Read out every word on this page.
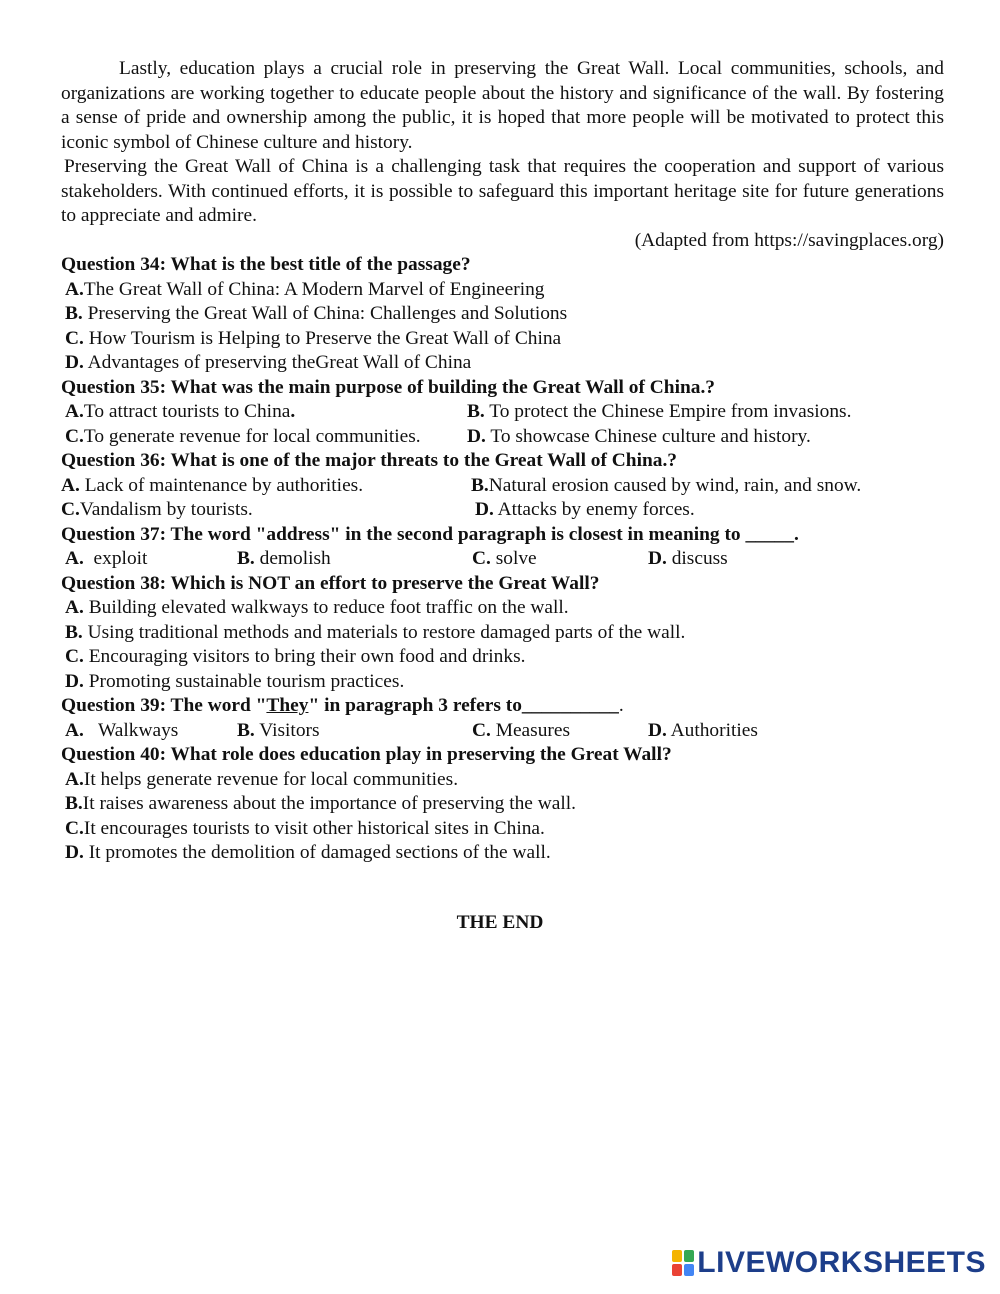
Lastly, education plays a crucial role in preserving the Great Wall. Local communities, schools, and organizations are working together to educate people about the history and significance of the wall. By fostering a sense of pride and ownership among the public, it is hoped that more people will be motivated to protect this iconic symbol of Chinese culture and history.

Preserving the Great Wall of China is a challenging task that requires the cooperation and support of various stakeholders. With continued efforts, it is possible to safeguard this important heritage site for future generations to appreciate and admire.

(Adapted from https://savingplaces.org)

Question 34: What is the best title of the passage?

A.The Great Wall of China: A Modern Marvel of Engineering

B. Preserving the Great Wall of China: Challenges and Solutions

C. How Tourism is Helping to Preserve the Great Wall of China

D. Advantages of preserving theGreat Wall of China

Question 35: What was the main purpose of building the Great Wall of China.?

A.To attract tourists to China.	B. To protect the Chinese Empire from invasions.
C.To generate revenue for local communities. D. To showcase Chinese culture and history.

Question 36: What is one of the major threats to the Great Wall of China.?

A. Lack of maintenance by authorities.	B.Natural erosion caused by wind, rain, and snow.
C.Vandalism by tourists.	D. Attacks by enemy forces.

Question 37: The word "address" in the second paragraph is closest in meaning to _____.

A.  exploit	B. demolish	C. solve	D. discuss

Question 38: Which is NOT an effort to preserve the Great Wall?

A. Building elevated walkways to reduce foot traffic on the wall.

B. Using traditional methods and materials to restore damaged parts of the wall.

C. Encouraging visitors to bring their own food and drinks.

D. Promoting sustainable tourism practices.

Question 39: The word "They" in paragraph 3 refers to__________.

A.   Walkways	B. Visitors	C. Measures	D. Authorities

Question 40: What role does education play in preserving the Great Wall?

A.It helps generate revenue for local communities.

B.It raises awareness about the importance of preserving the wall.

C.It encourages tourists to visit other historical sites in China.

D. It promotes the demolition of damaged sections of the wall.

THE END
LIVEWORKSHEETS
